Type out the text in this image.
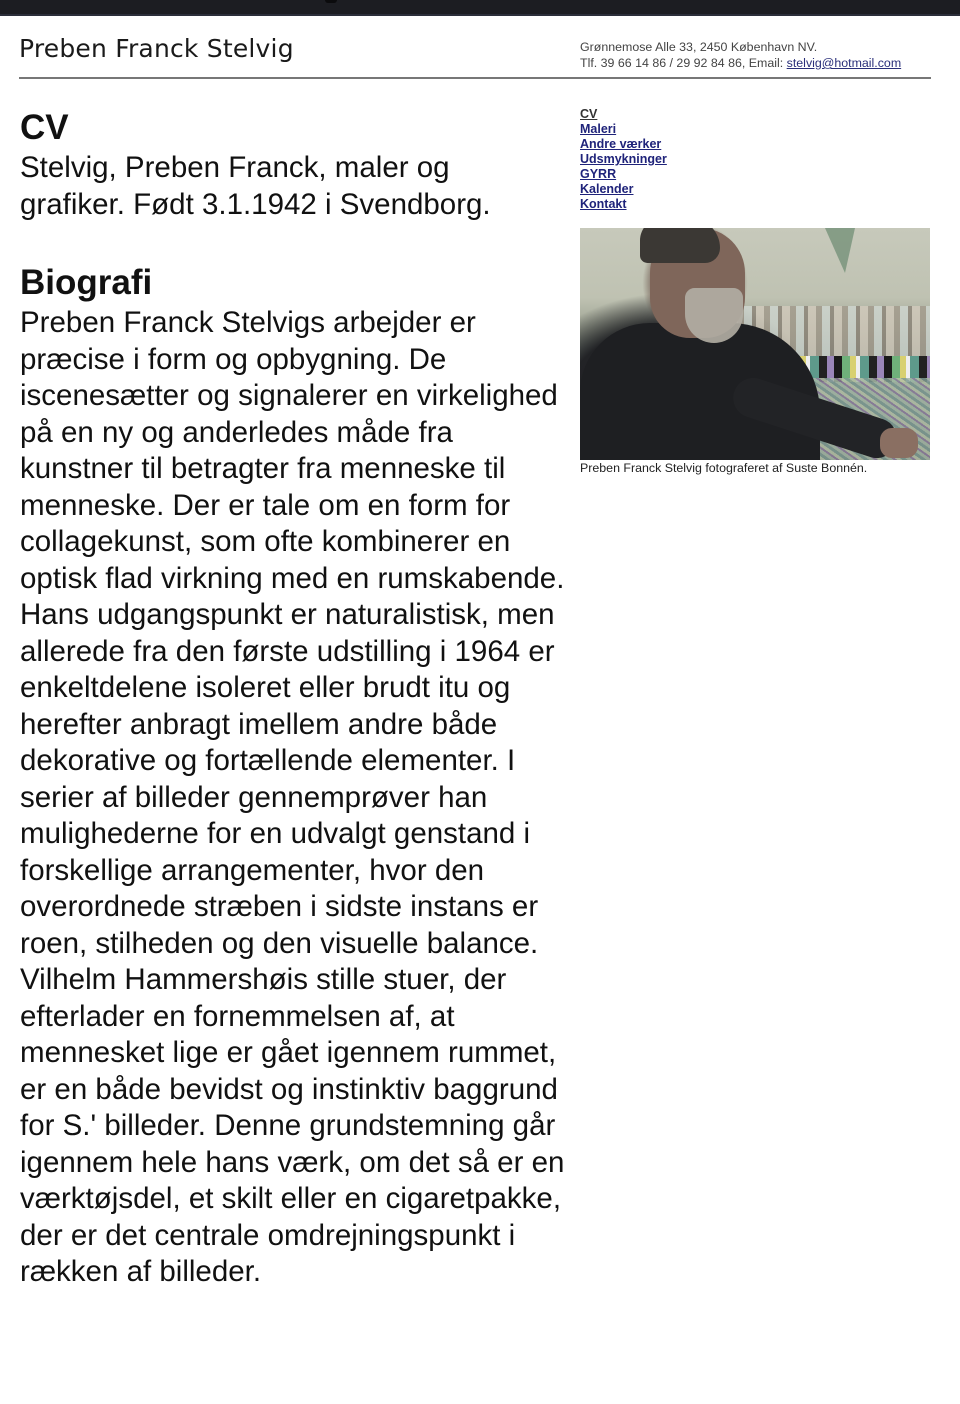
Preben Franck Stelvig	Grønnemose Alle 33, 2450 København NV.
Tlf. 39 66 14 86 / 29 92 84 86, Email: stelvig@hotmail.com
CV

Stelvig, Preben Franck, maler og grafiker. Født 3.1.1942 i Svendborg.

Biografi

Preben Franck Stelvigs arbejder er præcise i form og opbygning. De iscenesætter og signalerer en virkelighed på en ny og anderledes måde fra kunstner til betragter fra menneske til menneske. Der er tale om en form for collagekunst, som ofte kombinerer en optisk flad virkning med en rumskabende. Hans udgangspunkt er naturalistisk, men allerede fra den første udstilling i 1964 er enkeltdelene isoleret eller brudt itu og herefter anbragt imellem andre både dekorative og fortællende elementer. I serier af billeder gennemprøver han mulighederne for en udvalgt genstand i forskellige arrangementer, hvor den overordnede stræben i sidste instans er roen, stilheden og den visuelle balance. Vilhelm Hammershøis stille stuer, der efterlader en fornemmelsen af, at mennesket lige er gået igennem rummet, er en både bevidst og instinktiv baggrund for S.' billeder. Denne grundstemning går igennem hele hans værk, om det så er en værktøjsdel, et skilt eller en cigaretpakke, der er det centrale omdrejningspunkt i rækken af billeder.

CV
Maleri
Andre værker
Udsmykninger
GYRR
Kalender
Kontakt
Preben Franck Stelvig fotograferet af Suste Bonnén.
